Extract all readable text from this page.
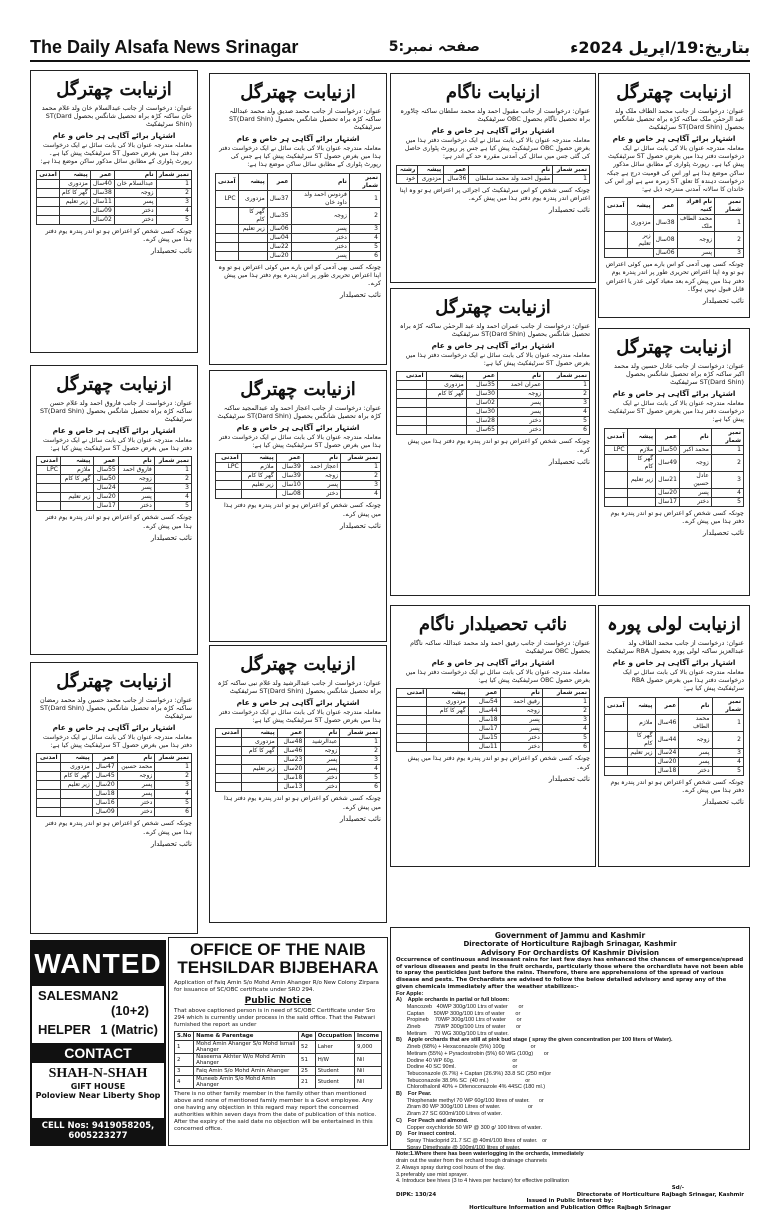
The Daily Alsafa News Srinagar	صفحہ نمبر:5	بتاریخ:19/اپریل 2024ء
ازنیابت چھترگل
عنوان: درخواست از جانب محمد الطاف ملک ولد عبد الرحمٰن ملک ساکنہ کڑہ براہ تحصیل شانگس بحصول ST(Dard Shin) سرٹیفکیٹ
اشتہار برائے آگاہی ہر خاص و عام
معاملہ مندرجہ عنوان بالا کی بابت سائل نے ایک درخواست دفتر ہذا میں بغرض حصول ST سرٹیفکیٹ پیش کیا ہے۔ رپورٹ پٹواری کے مطابق سائل مذکور ساکن موضع ہذا ہے اور اس کی قومیت درج ہے جبکہ درخواست دہندہ کا تعلق ST زمرہ سے ہے اور اس کی خاندان کا سالانہ آمدنی مندرجہ ذیل ہے:
نمبر شمار	نام افراد کنبہ	عمر	پیشہ	آمدنی
1	محمد الطاف ملک	38سال	مزدوری	
2	زوجہ	08سال	زیر تعلیم	
3	پسر	06سال		
چونکہ کسی بھی آدمی کو اس بارے میں کوئی اعتراض ہو تو وہ اپنا اعتراض تحریری طور پر اندر پندرہ یوم دفتر ہذا میں پیش کرے بعد معیاد کوئی عذر یا اعتراض قابل قبول نہیں ہوگا۔
نائب تحصیلدار
ازنیابت ناگام
عنوان: درخواست از جانب مقبول احمد ولد محمد سلطان ساکنہ چاڈورہ براہ تحصیل ناگام بحصول OBC سرٹیفکیٹ
اشتہار برائے آگاہی ہر خاص و عام
معاملہ مندرجہ عنوان بالا کی بابت سائل نے ایک درخواست دفتر ہذا میں بغرض حصول OBC سرٹیفکیٹ پیش کیا ہے جس پر رپورٹ پٹواری حاصل کی گئی جس میں سائل کی آمدنی مقررہ حد کے اندر ہے:
نمبر شمار	نام	عمر	پیشہ	رشتہ
1	مقبول احمد ولد محمد سلطان	36سال	مزدوری	خود
چونکہ کسی شخص کو اس سرٹیفکیٹ کی اجرائی پر اعتراض ہو تو وہ اپنا اعتراض اندر پندرہ یوم دفتر ہذا میں پیش کرے۔
نائب تحصیلدار
ازنیابت چھترگل
عنوان: درخواست از جانب محمد صدیق ولد محمد عبداللہ ساکنہ کڑہ براہ تحصیل شانگس بحصول ST(Dard Shin) سرٹیفکیٹ
اشتہار برائے آگاہی ہر خاص و عام
معاملہ مندرجہ عنوان بالا کی بابت سائل نے ایک درخواست دفتر ہذا میں بغرض حصول ST سرٹیفکیٹ پیش کیا ہے جس کی رپورٹ پٹواری کے مطابق سائل ساکن موضع ہذا ہے:
نمبر شمار	نام	عمر	پیشہ	آمدنی
1	فردوس احمد ولد داود خان	37سال	مزدوری	LPC
2	زوجہ	35سال	گھر کا کام	
3	پسر	06سال	زیر تعلیم	
4	دختر	04سال		
5	دختر	22سال		
6	پسر	20سال		
چونکہ کسی بھی آدمی کو اس بارے میں کوئی اعتراض ہو تو وہ اپنا اعتراض تحریری طور پر اندر پندرہ یوم دفتر ہذا میں پیش کرے۔
نائب تحصیلدار
ازنیابت چھترگل
عنوان: درخواست از جانب عبدالسلام خان ولد غلام محمد خان ساکنہ کڑہ براہ تحصیل شانگس بحصول ST(Dard Shin) سرٹیفکیٹ
اشتہار برائے آگاہی ہر خاص و عام
معاملہ مندرجہ عنوان بالا کی بابت سائل نے ایک درخواست دفتر ہذا میں بغرض حصول ST سرٹیفکیٹ پیش کیا ہے۔ رپورٹ پٹواری کے مطابق سائل مذکور ساکن موضع ہذا ہے:
نمبر شمار	نام	عمر	پیشہ	آمدنی
1	عبدالسلام خان	40سال	مزدوری	
2	زوجہ	38سال	گھر کا کام	
3	پسر	11سال	زیر تعلیم	
4	دختر	09سال		
5	دختر	02سال		
چونکہ کسی شخص کو اعتراض ہو تو اندر پندرہ یوم دفتر ہذا میں پیش کرے۔
نائب تحصیلدار
ازنیابت چھترگل
عنوان: درخواست از جانب عادل حسین ولد محمد اکبر ساکنہ کڑہ براہ تحصیل شانگس بحصول ST(Dard Shin) سرٹیفکیٹ
اشتہار برائے آگاہی ہر خاص و عام
معاملہ مندرجہ عنوان بالا کی بابت سائل نے ایک درخواست دفتر ہذا میں بغرض حصول ST سرٹیفکیٹ پیش کیا ہے:
نمبر شمار	نام	عمر	پیشہ	آمدنی
1	محمد اکبر	50سال	ملازم	LPC
2	زوجہ	49سال	گھر کا کام	
3	عادل حسین	21سال	زیر تعلیم	
4	پسر	20سال		
5	دختر	17سال		
چونکہ کسی شخص کو اعتراض ہو تو اندر پندرہ یوم دفتر ہذا میں پیش کرے۔
نائب تحصیلدار
ازنیابت چھترگل
عنوان: درخواست از جانب عمران احمد ولد عبد الرحمٰن ساکنہ کڑہ براہ تحصیل شانگس بحصول ST(Dard Shin) سرٹیفکیٹ
اشتہار برائے آگاہی ہر خاص و عام
معاملہ مندرجہ عنوان بالا کی بابت سائل نے ایک درخواست دفتر ہذا میں بغرض حصول ST سرٹیفکیٹ پیش کیا ہے:
نمبر شمار	نام	عمر	پیشہ	آمدنی
1	عمران احمد	35سال	مزدوری	
2	زوجہ	30سال	گھر کا کام	
3	پسر	02سال		
4	پسر	30سال		
5	دختر	28سال		
6	دختر	65سال		
چونکہ کسی شخص کو اعتراض ہو تو اندر پندرہ یوم دفتر ہذا میں پیش کرے۔
نائب تحصیلدار
ازنیابت چھترگل
عنوان: درخواست از جانب اعجاز احمد ولد عبدالمجید ساکنہ کڑہ براہ تحصیل شانگس بحصول ST(Dard Shin) سرٹیفکیٹ
اشتہار برائے آگاہی ہر خاص و عام
معاملہ مندرجہ عنوان بالا کی بابت سائل نے ایک درخواست دفتر ہذا میں بغرض حصول ST سرٹیفکیٹ پیش کیا ہے:
نمبر شمار	نام	عمر	پیشہ	آمدنی
1	اعجاز احمد	39سال	ملازم	LPC
2	زوجہ	39سال	گھر کا کام	
3	پسر	10سال	زیر تعلیم	
4	دختر	08سال		
چونکہ کسی شخص کو اعتراض ہو تو اندر پندرہ یوم دفتر ہذا میں پیش کرے۔
نائب تحصیلدار
ازنیابت چھترگل
عنوان: درخواست از جانب فاروق احمد ولد غلام حسن ساکنہ کڑہ براہ تحصیل شانگس بحصول ST(Dard Shin) سرٹیفکیٹ
اشتہار برائے آگاہی ہر خاص و عام
معاملہ مندرجہ عنوان بالا کی بابت سائل نے ایک درخواست دفتر ہذا میں بغرض حصول ST سرٹیفکیٹ پیش کیا ہے:
نمبر شمار	نام	عمر	پیشہ	آمدنی
1	فاروق احمد	55سال	ملازم	LPC
2	زوجہ	50سال	گھر کا کام	
3	پسر	24سال		
4	پسر	20سال	زیر تعلیم	
5	دختر	17سال		
چونکہ کسی شخص کو اعتراض ہو تو اندر پندرہ یوم دفتر ہذا میں پیش کرے۔
نائب تحصیلدار
ازنیابت لولی پورہ
عنوان: درخواست از جانب محمد الطاف ولد عبدالعزیز ساکنہ لولی پورہ بحصول RBA سرٹیفکیٹ
اشتہار برائے آگاہی ہر خاص و عام
معاملہ مندرجہ عنوان بالا کی بابت سائل نے ایک درخواست دفتر ہذا میں بغرض حصول RBA سرٹیفکیٹ پیش کیا ہے:
نمبر شمار	نام	عمر	پیشہ	آمدنی
1	محمد الطاف	46سال	ملازم	
2	زوجہ	44سال	گھر کا کام	
3	پسر	24سال	زیر تعلیم	
4	پسر	20سال		
5	دختر	18سال		
چونکہ کسی شخص کو اعتراض ہو تو اندر پندرہ یوم دفتر ہذا میں پیش کرے۔
نائب تحصیلدار
نائب تحصیلدار ناگام
عنوان: درخواست از جانب رفیق احمد ولد محمد عبداللہ ساکنہ ناگام بحصول OBC سرٹیفکیٹ
اشتہار برائے آگاہی ہر خاص و عام
معاملہ مندرجہ عنوان بالا کی بابت سائل نے ایک درخواست دفتر ہذا میں بغرض حصول OBC سرٹیفکیٹ پیش کیا ہے:
نمبر شمار	نام	عمر	پیشہ	آمدنی
1	رفیق احمد	54سال	مزدوری	
2	زوجہ	44سال	گھر کا کام	
3	پسر	18سال		
4	پسر	17سال		
5	دختر	15سال		
6	دختر	11سال		
چونکہ کسی شخص کو اعتراض ہو تو اندر پندرہ یوم دفتر ہذا میں پیش کرے۔
نائب تحصیلدار
ازنیابت چھترگل
عنوان: درخواست از جانب عبدالرشید ولد غلام نبی ساکنہ کڑہ براہ تحصیل شانگس بحصول ST(Dard Shin) سرٹیفکیٹ
اشتہار برائے آگاہی ہر خاص و عام
معاملہ مندرجہ عنوان بالا کی بابت سائل نے ایک درخواست دفتر ہذا میں بغرض حصول ST سرٹیفکیٹ پیش کیا ہے:
نمبر شمار	نام	عمر	پیشہ	آمدنی
1	عبدالرشید	48سال	مزدوری	
2	زوجہ	46سال	گھر کا کام	
3	پسر	23سال		
4	پسر	20سال	زیر تعلیم	
5	دختر	18سال		
6	دختر	13سال		
چونکہ کسی شخص کو اعتراض ہو تو اندر پندرہ یوم دفتر ہذا میں پیش کرے۔
نائب تحصیلدار
ازنیابت چھترگل
عنوان: درخواست از جانب محمد حسین ولد محمد رمضان ساکنہ کڑہ براہ تحصیل شانگس بحصول ST(Dard Shin) سرٹیفکیٹ
اشتہار برائے آگاہی ہر خاص و عام
معاملہ مندرجہ عنوان بالا کی بابت سائل نے ایک درخواست دفتر ہذا میں بغرض حصول ST سرٹیفکیٹ پیش کیا ہے:
نمبر شمار	نام	عمر	پیشہ	آمدنی
1	محمد حسین	47سال	مزدوری	
2	زوجہ	45سال	گھر کا کام	
3	پسر	20سال	زیر تعلیم	
4	پسر	18سال		
5	دختر	16سال		
6	دختر	09سال		
چونکہ کسی شخص کو اعتراض ہو تو اندر پندرہ یوم دفتر ہذا میں پیش کرے۔
نائب تحصیلدار
WANTED
SALESMAN 2 (10+2)
HELPER 1 (Matric)
CONTACT
SHAH-N-SHAH
GIFT HOUSE
Poloview Near Liberty Shop
CELL Nos: 9419058205, 6005223277
OFFICE OF THE NAIB TEHSILDAR BIJBEHARA
Application of Faiq Amin S/o Mohd Amin Ahanger R/o New Colony Zirpara for issuance of SC/OBC certificate under SRO 294.
Public Notice
That above captioned person is in need of SC/OBC Certificate under Sro 294 which is currently under process in the said office. That the Patwari furnished the report as under
S.No	Name & Parentage	Age	Occupation	Income
1	Mohd Amin Ahanger S/o Mohd Ismail Ahanger	52	Laher	9,000
2	Naseema Akhter W/o Mohd Amin Ahanger	51	H/W	Nil
3	Faiq Amin S/o Mohd Amin Ahanger	25	Student	Nil
4	Muneeb Amin S/o Mohd Amin Ahanger	21	Student	Nil
There is no other family member in the family other than mentioned above and none of mentioned family member is a Govt employee. Any one having any objection in this regard may report the concerned authorities within seven days from the date of publication of this notice. After the expiry of the said date no objection will be entertained in this concerned office.
Government of Jammu and Kashmir
Directorate of Horticulture Rajbagh Srinagar, Kashmir
Advisory For Orchardists Of Kashmir Division
Occurrence of continuous and incessant rains for last few days has enhanced the chances of emergence/spread of various diseases and pests in the fruit orchards, particularly those where the orchardists have not been able to spray the pesticides just before the rains. Therefore, there are apprehensions of the spread of various disease and pests. The Orchardists are advised to follow the below detailed advisory and spray any of the given chemicals immediately after the weather stabilizes:-
For Apple:
A)    Apple orchards in partial or full bloom:
Mancozeb   40WP 300g/100 Ltrs of water       or
Captan      50WP 300g/100 Ltrs of water       or
Propineb    70WP 300g/100 Ltrs of water       or
Zineb         75WP 300g/100 Ltrs of water       or
Metiram     70 WG 300g/100 Ltrs of water.
B)    Apple orchards that are still at pink bud stage ( spray the given concentration per 100 liters of Water).
Zineb (68%) + Hexaconazole (5%) 100g                 or
Metiram (55%) + Pyraclostrobin (5%) 60 WG (100g)       or
Dodine 40 WP 60g.                                      or
Dodine 40 SC 90ml.                                     or
Tebuconazole (6.7%) + Captan (26.9%) 33.8 SC (250 ml)or
Tebuconazole 38.9% SC  (40 ml.)                        or
Chlorothalonil 40% + Difenoconazole 4% 44SC (180 ml.)
B)    For Pear.
Thiophenate methyl 70 WP 60g/100 litres of water.      or
Ziram 80 WP 300g/100 Litres of water.                  or
Ziram 27 SC 600ml/100 Litres of water.
C)    For Peach and almond.
Copper oxychloride 50 WP @ 300 g/ 100 litres of water.
D)    For insect control.
Spray Thiacloprid 21.7 SC @ 40ml/100 litres of water.   or
Spray Dimethoate @ 100ml/100 litres of water.
Note:1.Where there has been waterlogging in the orchards, immediately
drain out the water from the orchard trough drainage channels
2. Always spray during cool hours of the day.
3.preferably use mist sprayer.
4. Introduce bee hives (3 to 4 hives per hectare) for effective pollination
Sd/-
DIPK: 130/24	Directorate of Horticulture Rajbagh Srinagar, Kashmir
Issued in Public Interest by:
Horticulture Information and Publication Office Rajbagh Srinagar
